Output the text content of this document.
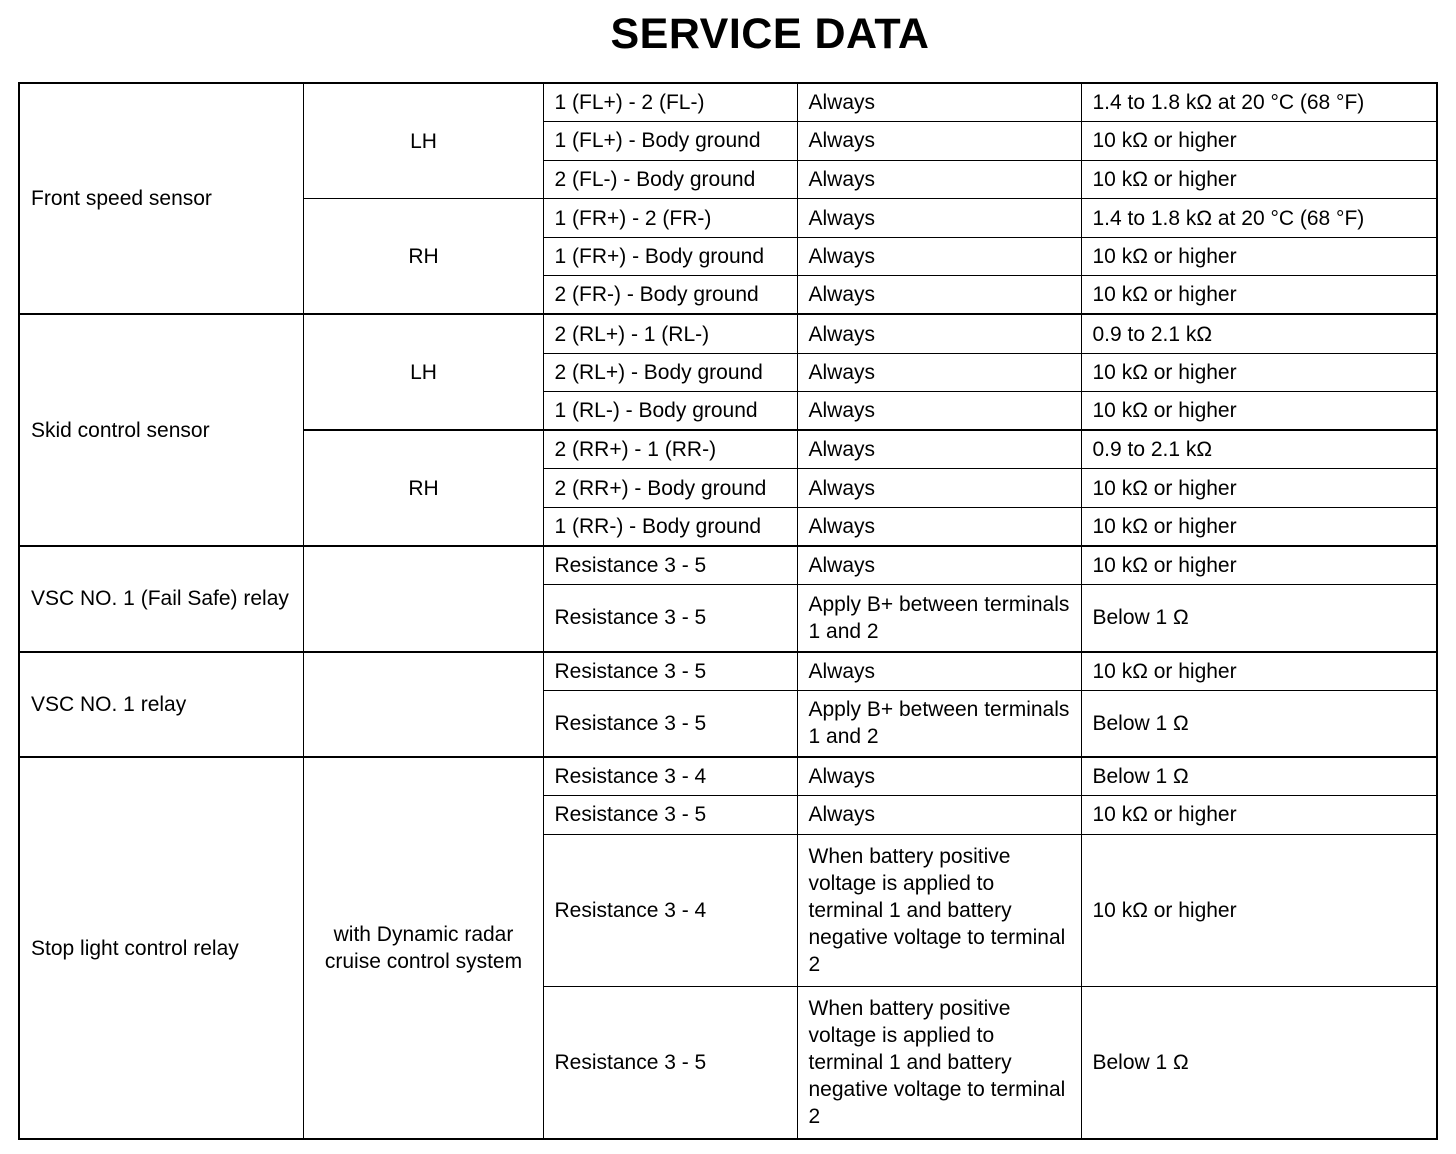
SERVICE DATA
Front speed sensor	LH	1 (FL+) - 2 (FL-)	Always	1.4 to 1.8 kΩ at 20 °C (68 °F)
		1 (FL+) - Body ground	Always	10 kΩ or higher
		2 (FL-) - Body ground	Always	10 kΩ or higher
	RH	1 (FR+) - 2 (FR-)	Always	1.4 to 1.8 kΩ at 20 °C (68 °F)
		1 (FR+) - Body ground	Always	10 kΩ or higher
		2 (FR-) - Body ground	Always	10 kΩ or higher
Skid control sensor	LH	2 (RL+) - 1 (RL-)	Always	0.9 to 2.1 kΩ
		2 (RL+) - Body ground	Always	10 kΩ or higher
		1 (RL-) - Body ground	Always	10 kΩ or higher
	RH	2 (RR+) - 1 (RR-)	Always	0.9 to 2.1 kΩ
		2 (RR+) - Body ground	Always	10 kΩ or higher
		1 (RR-) - Body ground	Always	10 kΩ or higher
VSC NO. 1 (Fail Safe) relay		Resistance 3 - 5	Always	10 kΩ or higher
		Resistance 3 - 5	Apply B+ between terminals 1 and 2	Below 1 Ω
VSC NO. 1 relay		Resistance 3 - 5	Always	10 kΩ or higher
		Resistance 3 - 5	Apply B+ between terminals 1 and 2	Below 1 Ω
Stop light control relay	with Dynamic radar cruise control system	Resistance 3 - 4	Always	Below 1 Ω
		Resistance 3 - 5	Always	10 kΩ or higher
		Resistance 3 - 4	When battery positive voltage is applied to terminal 1 and battery negative voltage to terminal 2	10 kΩ or higher
		Resistance 3 - 5	When battery positive voltage is applied to terminal 1 and battery negative voltage to terminal 2	Below 1 Ω
